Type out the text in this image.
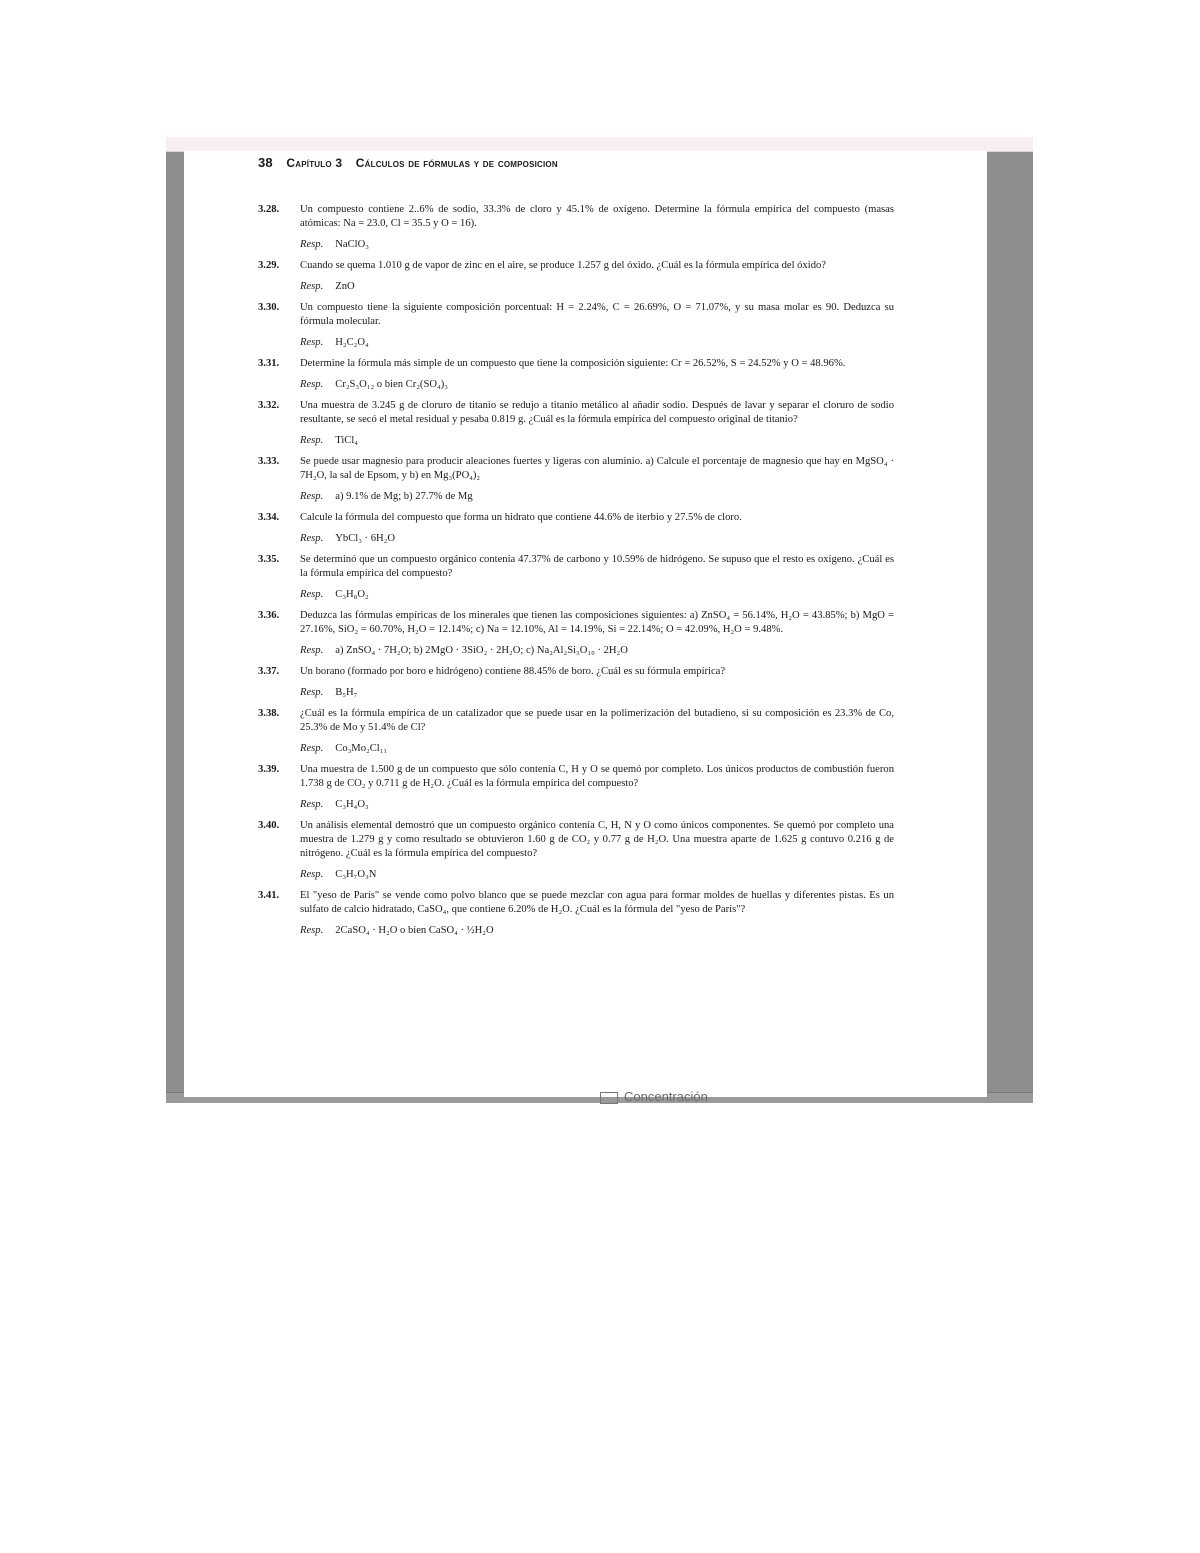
38 Capítulo 3 Cálculos de fórmulas y de composicion
3.28. Un compuesto contiene 2..6% de sodio, 33.3% de cloro y 45.1% de oxígeno. Determine la fórmula empírica del compuesto (masas atómicas: Na = 23.0, Cl = 35.5 y O = 16).
Resp. NaClO₃
3.29. Cuando se quema 1.010 g de vapor de zinc en el aire, se produce 1.257 g del óxido. ¿Cuál es la fórmula empírica del óxido?
Resp. ZnO
3.30. Un compuesto tiene la siguiente composición porcentual: H = 2.24%, C = 26.69%, O = 71.07%, y su masa molar es 90. Deduzca su fórmula molecular.
Resp. H₂C₂O₄
3.31. Determine la fórmula más simple de un compuesto que tiene la composición siguiente: Cr = 26.52%, S = 24.52% y O = 48.96%.
Resp. Cr₂S₃O₁₂ o bien Cr₂(SO₄)₃
3.32. Una muestra de 3.245 g de cloruro de titanio se redujo a titanio metálico al añadir sodio. Después de lavar y separar el cloruro de sodio resultante, se secó el metal residual y pesaba 0.819 g. ¿Cuál es la fórmula empírica del compuesto original de titanio?
Resp. TiCl₄
3.33. Se puede usar magnesio para producir aleaciones fuertes y ligeras con aluminio. a) Calcule el porcentaje de magnesio que hay en MgSO₄ · 7H₂O, la sal de Epsom, y b) en Mg₃(PO₄)₂
Resp. a) 9.1% de Mg; b) 27.7% de Mg
3.34. Calcule la fórmula del compuesto que forma un hidrato que contiene 44.6% de iterbio y 27.5% de cloro.
Resp. YbCl₃ · 6H₂O
3.35. Se determinó que un compuesto orgánico contenía 47.37% de carbono y 10.59% de hidrógeno. Se supuso que el resto es oxígeno. ¿Cuál es la fórmula empírica del compuesto?
Resp. C₃H₈O₂
3.36. Deduzca las fórmulas empíricas de los minerales que tienen las composiciones siguientes: a) ZnSO₄ = 56.14%, H₂O = 43.85%; b) MgO = 27.16%, SiO₂ = 60.70%, H₂O = 12.14%; c) Na = 12.10%, Al = 14.19%, Si = 22.14%; O = 42.09%, H₂O = 9.48%.
Resp. a) ZnSO₄ · 7H₂O; b) 2MgO · 3SiO₂ · 2H₂O; c) Na₂Al₂Si₃O₁₀ · 2H₂O
3.37. Un borano (formado por boro e hidrógeno) contiene 88.45% de boro. ¿Cuál es su fórmula empírica?
Resp. B₅H₇
3.38. ¿Cuál es la fórmula empírica de un catalizador que se puede usar en la polimerización del butadieno, si su composición es 23.3% de Co, 25.3% de Mo y 51.4% de Cl?
Resp. Co₃Mo₂Cl₁₁
3.39. Una muestra de 1.500 g de un compuesto que sólo contenía C, H y O se quemó por completo. Los únicos productos de combustión fueron 1.738 g de CO₂ y 0.711 g de H₂O. ¿Cuál es la fórmula empírica del compuesto?
Resp. C₃H₄O₃
3.40. Un análisis elemental demostró que un compuesto orgánico contenía C, H, N y O como únicos componentes. Se quemó por completo una muestra de 1.279 g y como resultado se obtuvieron 1.60 g de CO₂ y 0.77 g de H₂O. Una muestra aparte de 1.625 g contuvo 0.216 g de nitrógeno. ¿Cuál es la fórmula empírica del compuesto?
Resp. C₃H₇O₃N
3.41. El "yeso de París" se vende como polvo blanco que se puede mezclar con agua para formar moldes de huellas y diferentes pistas. Es un sulfato de calcio hidratado, CaSO₄, que contiene 6.20% de H₂O. ¿Cuál es la fórmula del "yeso de París"?
Resp. 2CaSO₄ · H₂O o bien CaSO₄ · ½H₂O
Concentración
